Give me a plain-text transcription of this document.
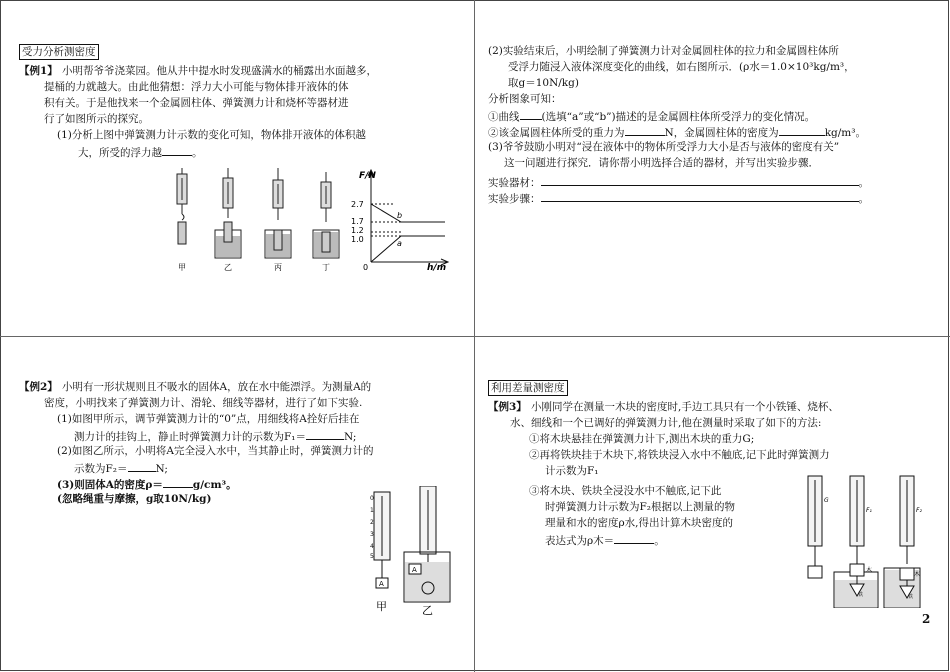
受力分析测密度
【例1】 小明帮爷爷浇菜园。他从井中提水时发现盛满水的桶露出水面越多，
提桶的力就越大。由此他猜想：浮力大小可能与物体排开液体的体
积有关。于是他找来一个金属圆柱体、弹簧测力计和烧杯等器材进
行了如图所示的探究。
(1)分析上图中弹簧测力计示数的变化可知，物体排开液体的体积越
大，所受的浮力越	。
甲	乙	丙	丁
F/N
h/m
0
2.7
1.7
1.2
1.0
b
a
(2)实验结束后，小明绘制了弹簧测力计对金属圆柱体的拉力和金属圆柱体所
受浮力随浸入液体深度变化的曲线，如右图所示．(ρ水＝1.0×10³kg/m³，
取g＝10N/kg)
分析图象可知：
①曲线 (选填“a”或“b”)描述的是金属圆柱体所受浮力的变化情况。
②该金属圆柱体所受的重力为	N，金属圆柱体的密度为	kg/m³。
(3)爷爷鼓励小明对“浸在液体中的物体所受浮力大小是否与液体的密度有关”
这一问题进行探究．请你帮小明选择合适的器材，并写出实验步骤．
实验器材：	。
实验步骤：	。
【例2】 小明有一形状规则且不吸水的固体A，放在水中能漂浮。为测量A的
密度，小明找来了弹簧测力计、滑轮、细线等器材，进行了如下实验.
(1)如图甲所示，调节弹簧测力计的“0”点，用细线将A拴好后挂在
测力计的挂钩上，静止时弹簧测力计的示数为F₁＝	N;
(2)如图乙所示，小明将A完全浸入水中，当其静止时，弹簧测力计的
示数为F₂＝	N;
(3)则固体A的密度ρ＝	g/cm³。
(忽略绳重与摩擦，g取10N/kg)	0
1
2
3
4
5
A
A
甲	乙
利用差量测密度
【例3】 小刚同学在测量一木块的密度时,手边工具只有一个小铁锤、烧杯、
水、细线和一个已调好的弹簧测力计,他在测量时采取了如下的方法:
①将木块悬挂在弹簧测力计下,测出木块的重力G;
②再将铁块挂于木块下,将铁块浸入水中不触底,记下此时弹簧测力
计示数为F₁
③将木块、铁块全浸没水中不触底,记下此
时弹簧测力计示数为F₂根据以上测量的物
理量和水的密度ρ水,得出计算木块密度的
表达式为ρ木＝	。
G
F₁	F₂
木
铁
木
铁
2
